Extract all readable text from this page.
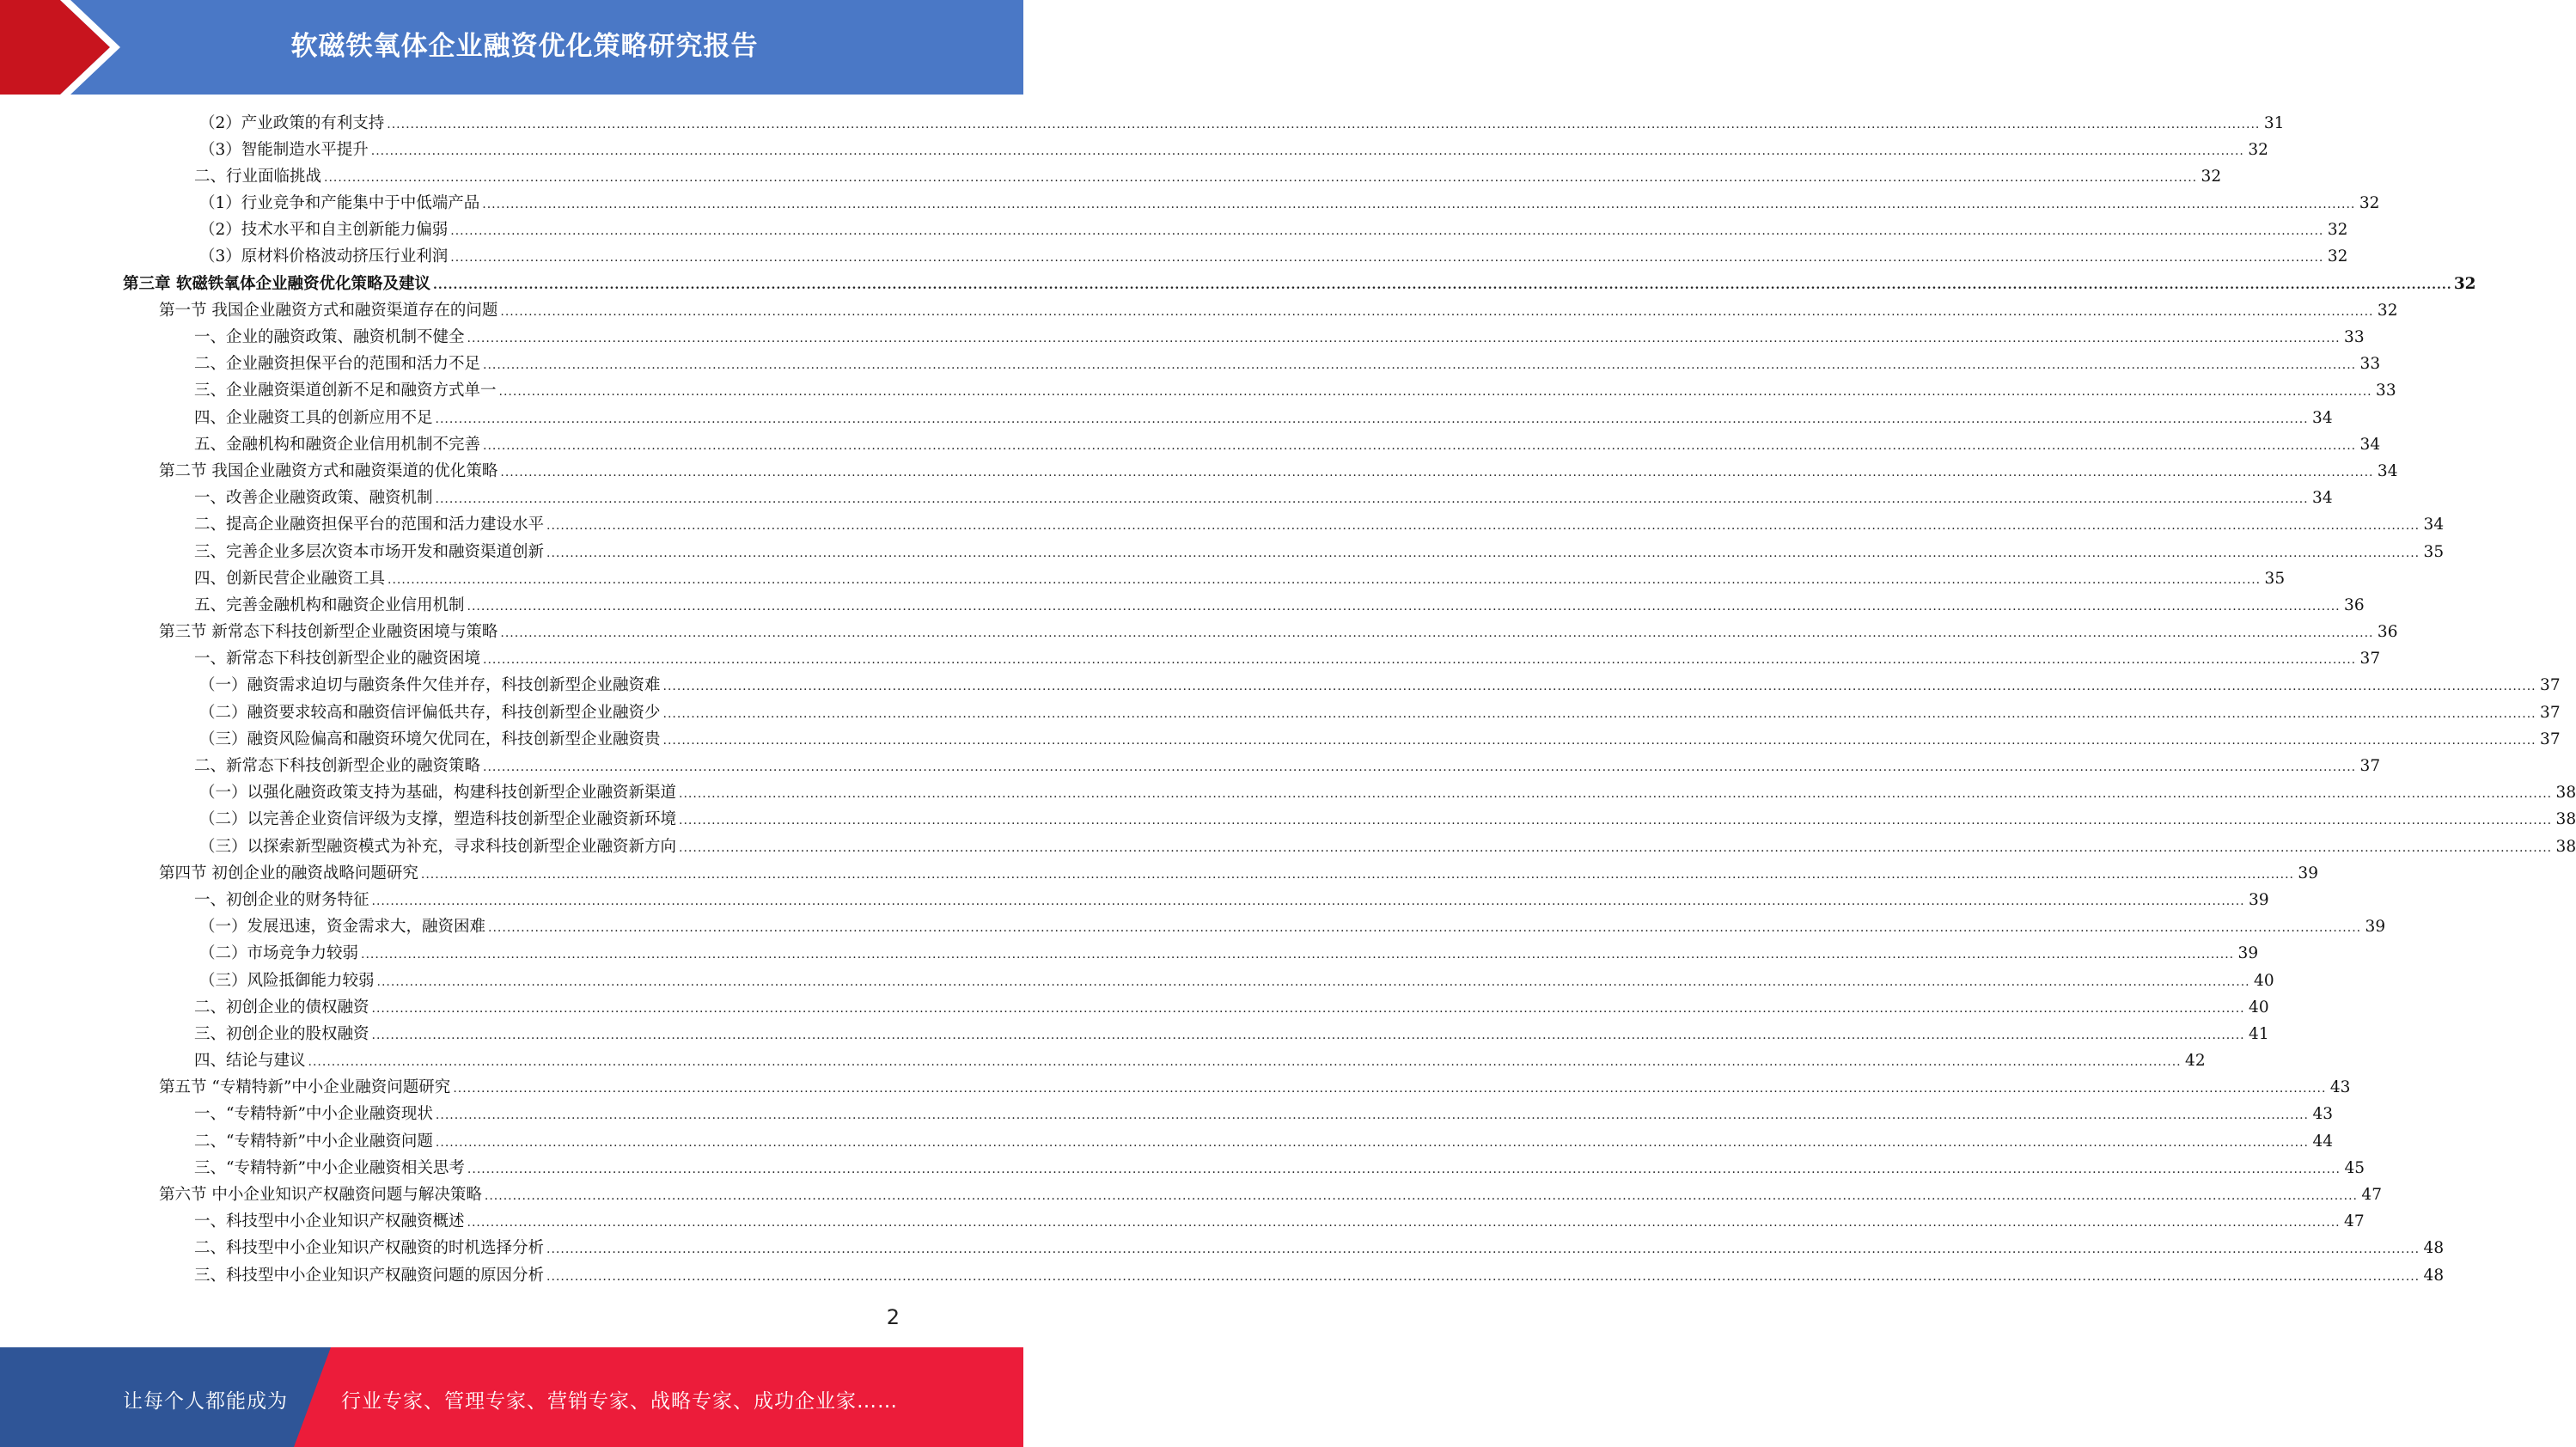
软磁铁氧体企业融资优化策略研究报告
（2）产业政策的有利支持 ................................................................................................................................................................................................................................................................................................................................................................................................................ 31
（3）智能制造水平提升 ................................................................................................................................................................................................................................................................................................................................................................................................................ 32
二、行业面临挑战 ................................................................................................................................................................................................................................................................................................................................................................................................................ 32
（1）行业竞争和产能集中于中低端产品 ................................................................................................................................................................................................................................................................................................................................................................................................................ 32
（2）技术水平和自主创新能力偏弱 ................................................................................................................................................................................................................................................................................................................................................................................................................ 32
（3）原材料价格波动挤压行业利润 ................................................................................................................................................................................................................................................................................................................................................................................................................ 32
第三章 软磁铁氧体企业融资优化策略及建议 ................................................................................................................................................................................................................................................................................................................................................................................................................ 32
第一节 我国企业融资方式和融资渠道存在的问题 ................................................................................................................................................................................................................................................................................................................................................................................................................ 32
一、企业的融资政策、融资机制不健全 ................................................................................................................................................................................................................................................................................................................................................................................................................ 33
二、企业融资担保平台的范围和活力不足 ................................................................................................................................................................................................................................................................................................................................................................................................................ 33
三、企业融资渠道创新不足和融资方式单一 ................................................................................................................................................................................................................................................................................................................................................................................................................ 33
四、企业融资工具的创新应用不足 ................................................................................................................................................................................................................................................................................................................................................................................................................ 34
五、金融机构和融资企业信用机制不完善 ................................................................................................................................................................................................................................................................................................................................................................................................................ 34
第二节 我国企业融资方式和融资渠道的优化策略 ................................................................................................................................................................................................................................................................................................................................................................................................................ 34
一、改善企业融资政策、融资机制 ................................................................................................................................................................................................................................................................................................................................................................................................................ 34
二、提高企业融资担保平台的范围和活力建设水平 ................................................................................................................................................................................................................................................................................................................................................................................................................ 34
三、完善企业多层次资本市场开发和融资渠道创新 ................................................................................................................................................................................................................................................................................................................................................................................................................ 35
四、创新民营企业融资工具 ................................................................................................................................................................................................................................................................................................................................................................................................................ 35
五、完善金融机构和融资企业信用机制 ................................................................................................................................................................................................................................................................................................................................................................................................................ 36
第三节 新常态下科技创新型企业融资困境与策略 ................................................................................................................................................................................................................................................................................................................................................................................................................ 36
一、新常态下科技创新型企业的融资困境 ................................................................................................................................................................................................................................................................................................................................................................................................................ 37
（一）融资需求迫切与融资条件欠佳并存，科技创新型企业融资难 ................................................................................................................................................................................................................................................................................................................................................................................................................ 37
（二）融资要求较高和融资信评偏低共存，科技创新型企业融资少 ................................................................................................................................................................................................................................................................................................................................................................................................................ 37
（三）融资风险偏高和融资环境欠优同在，科技创新型企业融资贵 ................................................................................................................................................................................................................................................................................................................................................................................................................ 37
二、新常态下科技创新型企业的融资策略 ................................................................................................................................................................................................................................................................................................................................................................................................................ 37
（一）以强化融资政策支持为基础，构建科技创新型企业融资新渠道 ................................................................................................................................................................................................................................................................................................................................................................................................................ 38
（二）以完善企业资信评级为支撑，塑造科技创新型企业融资新环境 ................................................................................................................................................................................................................................................................................................................................................................................................................ 38
（三）以探索新型融资模式为补充，寻求科技创新型企业融资新方向 ................................................................................................................................................................................................................................................................................................................................................................................................................ 38
第四节 初创企业的融资战略问题研究 ................................................................................................................................................................................................................................................................................................................................................................................................................ 39
一、初创企业的财务特征 ................................................................................................................................................................................................................................................................................................................................................................................................................ 39
（一）发展迅速，资金需求大，融资困难 ................................................................................................................................................................................................................................................................................................................................................................................................................ 39
（二）市场竞争力较弱 ................................................................................................................................................................................................................................................................................................................................................................................................................ 39
（三）风险抵御能力较弱 ................................................................................................................................................................................................................................................................................................................................................................................................................ 40
二、初创企业的债权融资 ................................................................................................................................................................................................................................................................................................................................................................................................................ 40
三、初创企业的股权融资 ................................................................................................................................................................................................................................................................................................................................................................................................................ 41
四、结论与建议 ................................................................................................................................................................................................................................................................................................................................................................................................................ 42
第五节 “专精特新”中小企业融资问题研究 ................................................................................................................................................................................................................................................................................................................................................................................................................ 43
一、“专精特新”中小企业融资现状 ................................................................................................................................................................................................................................................................................................................................................................................................................ 43
二、“专精特新”中小企业融资问题 ................................................................................................................................................................................................................................................................................................................................................................................................................ 44
三、“专精特新”中小企业融资相关思考 ................................................................................................................................................................................................................................................................................................................................................................................................................ 45
第六节 中小企业知识产权融资问题与解决策略 ................................................................................................................................................................................................................................................................................................................................................................................................................ 47
一、科技型中小企业知识产权融资概述 ................................................................................................................................................................................................................................................................................................................................................................................................................ 47
二、科技型中小企业知识产权融资的时机选择分析 ................................................................................................................................................................................................................................................................................................................................................................................................................ 48
三、科技型中小企业知识产权融资问题的原因分析 ................................................................................................................................................................................................................................................................................................................................................................................................................ 48
2
让每个人都能成为	行业专家、管理专家、营销专家、战略专家、成功企业家……
